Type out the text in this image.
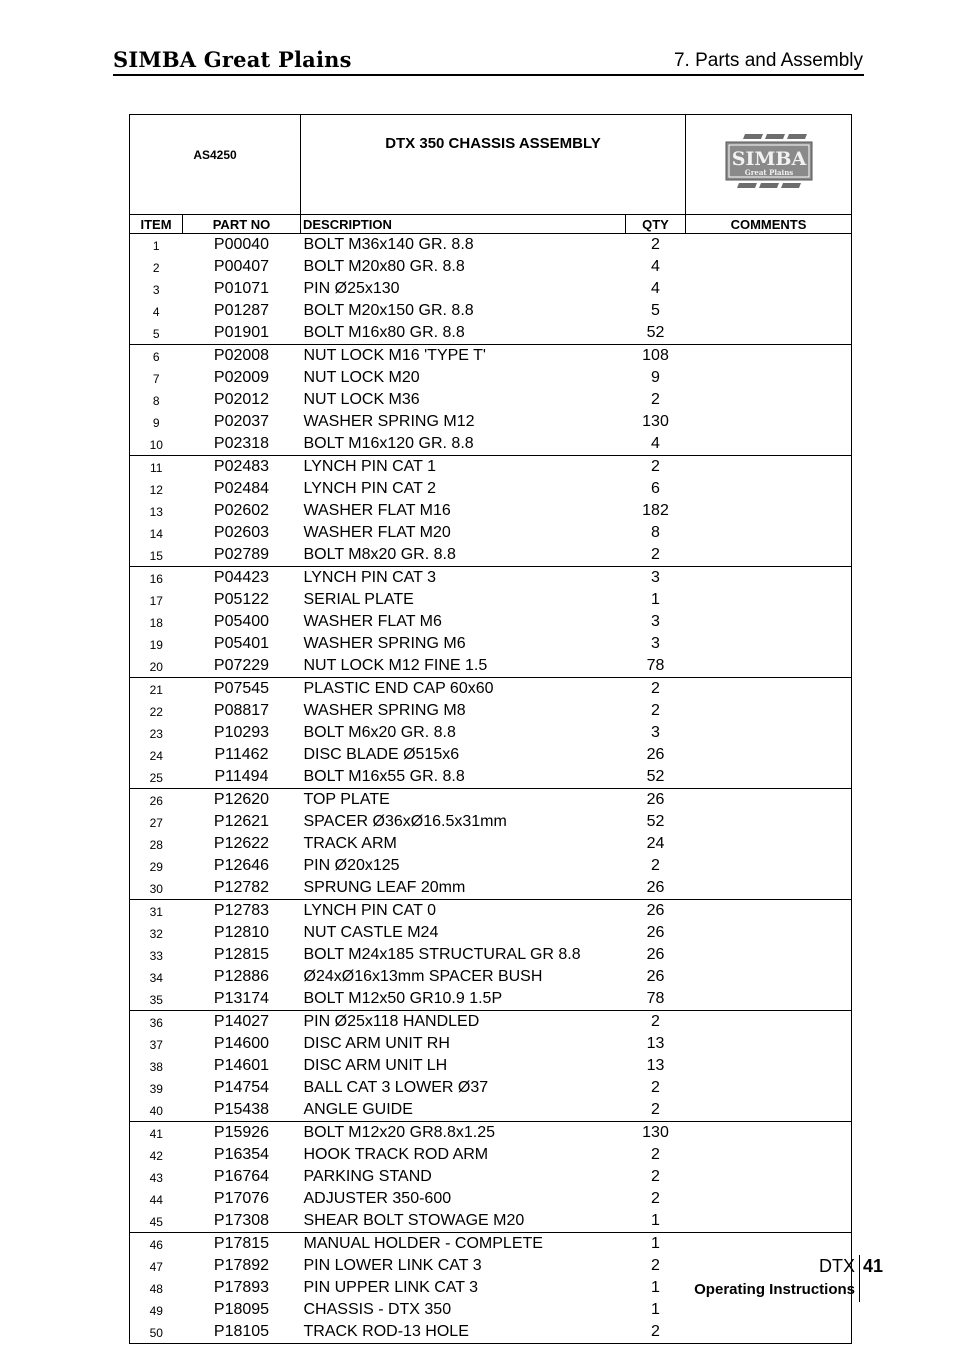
SIMBA Great Plains	7. Parts and Assembly
AS4250		DTX 350 CHASSIS ASSEMBLY		SIMBA
Great Plains

ITEM	PART NO	DESCRIPTION	QTY	COMMENTS
1	P00040	BOLT M36x140 GR. 8.8	2	
2	P00407	BOLT M20x80 GR. 8.8	4	
3	P01071	PIN Ø25x130	4	
4	P01287	BOLT M20x150 GR. 8.8	5	
5	P01901	BOLT M16x80 GR. 8.8	52	
6	P02008	NUT LOCK M16 'TYPE T'	108	
7	P02009	NUT LOCK M20	9	
8	P02012	NUT LOCK M36	2	
9	P02037	WASHER SPRING M12	130	
10	P02318	BOLT M16x120 GR. 8.8	4	
11	P02483	LYNCH PIN CAT 1	2	
12	P02484	LYNCH PIN CAT 2	6	
13	P02602	WASHER FLAT M16	182	
14	P02603	WASHER FLAT M20	8	
15	P02789	BOLT M8x20 GR. 8.8	2	
16	P04423	LYNCH PIN CAT 3	3	
17	P05122	SERIAL PLATE	1	
18	P05400	WASHER FLAT M6	3	
19	P05401	WASHER SPRING M6	3	
20	P07229	NUT LOCK M12 FINE 1.5	78	
21	P07545	PLASTIC END CAP 60x60	2	
22	P08817	WASHER SPRING M8	2	
23	P10293	BOLT M6x20 GR. 8.8	3	
24	P11462	DISC BLADE Ø515x6	26	
25	P11494	BOLT M16x55 GR. 8.8	52	
26	P12620	TOP PLATE	26	
27	P12621	SPACER Ø36xØ16.5x31mm	52	
28	P12622	TRACK ARM	24	
29	P12646	PIN Ø20x125	2	
30	P12782	SPRUNG LEAF 20mm	26	
31	P12783	LYNCH PIN CAT 0	26	
32	P12810	NUT CASTLE M24	26	
33	P12815	BOLT M24x185 STRUCTURAL GR 8.8	26	
34	P12886	Ø24xØ16x13mm SPACER BUSH	26	
35	P13174	BOLT M12x50 GR10.9 1.5P	78	
36	P14027	PIN Ø25x118 HANDLED	2	
37	P14600	DISC ARM UNIT RH	13	
38	P14601	DISC ARM UNIT LH	13	
39	P14754	BALL CAT 3 LOWER Ø37	2	
40	P15438	ANGLE GUIDE	2	
41	P15926	BOLT M12x20 GR8.8x1.25	130	
42	P16354	HOOK TRACK ROD ARM	2	
43	P16764	PARKING STAND	2	
44	P17076	ADJUSTER 350-600	2	
45	P17308	SHEAR BOLT STOWAGE M20	1	
46	P17815	MANUAL HOLDER - COMPLETE	1	
47	P17892	PIN LOWER LINK CAT 3	2	
48	P17893	PIN UPPER LINK CAT 3	1	
49	P18095	CHASSIS - DTX 350	1	
50	P18105	TRACK ROD-13 HOLE	2	
DTX 41
Operating Instructions
